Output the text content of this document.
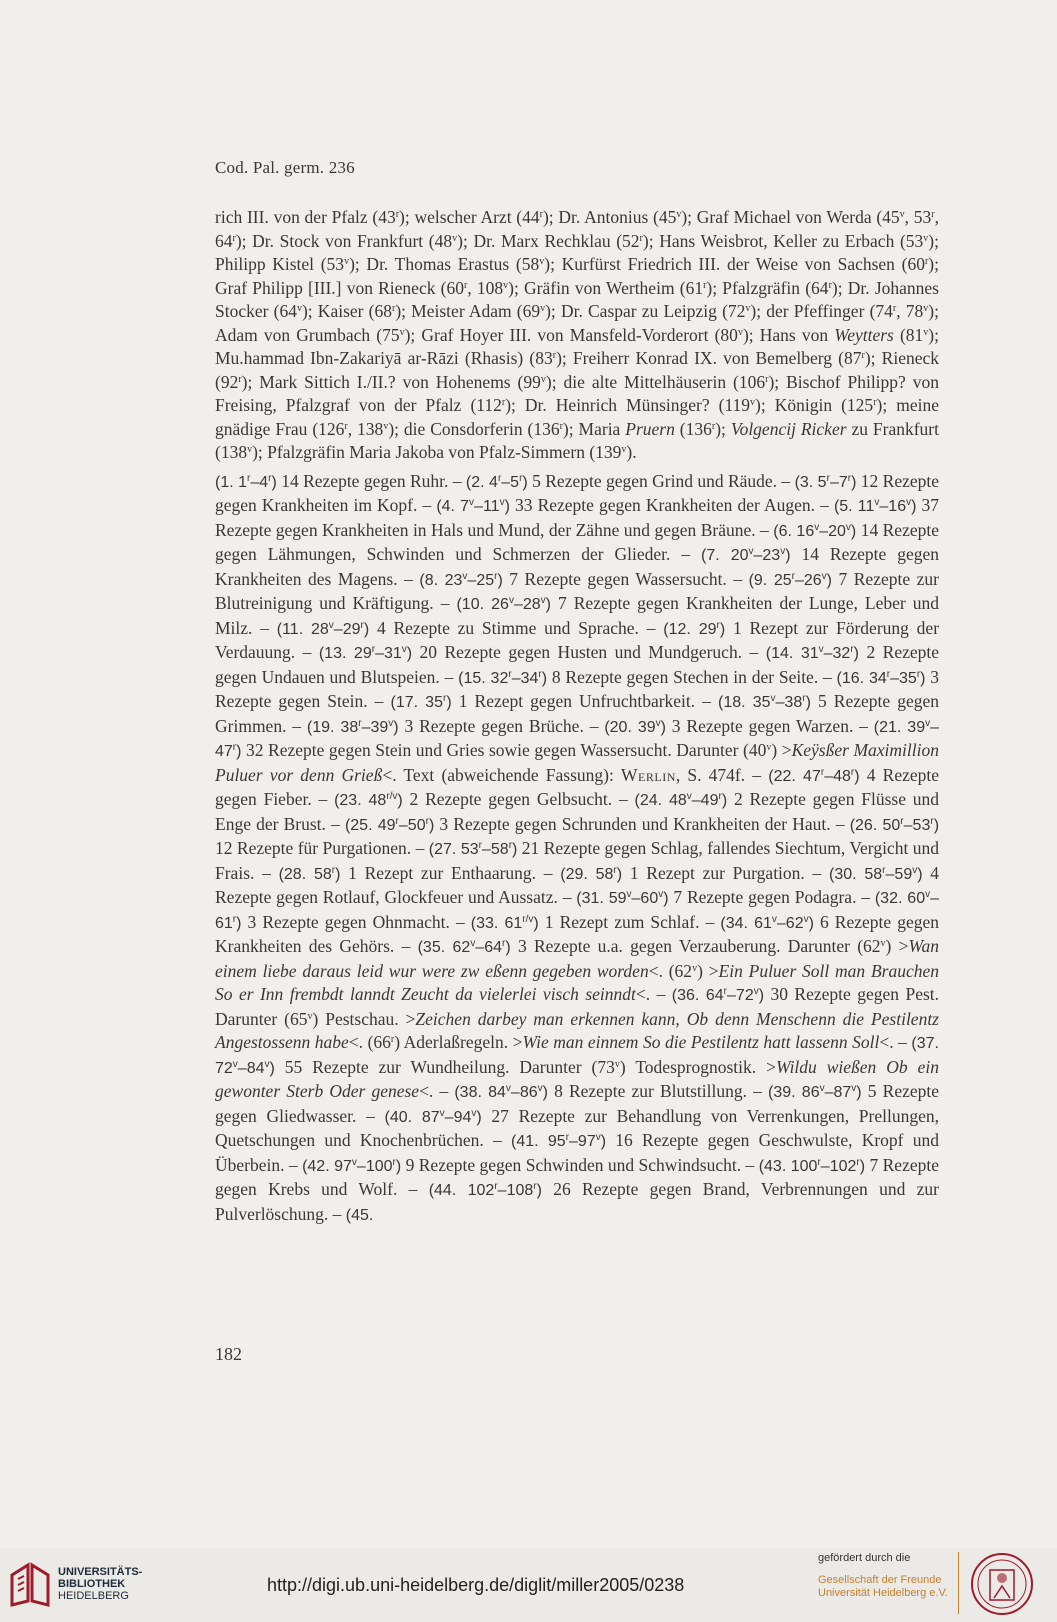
Cod. Pal. germ. 236

rich III. von der Pfalz (43$^r$); welscher Arzt (44$^r$); Dr. Antonius (45$^v$); Graf Michael von Werda (45$^v$, 53$^r$, 64$^r$); Dr. Stock von Frankfurt (48$^v$); Dr. Marx Rechklau (52$^r$); Hans Weisbrot, Keller zu Erbach (53$^v$); Philipp Kistel (53$^v$); Dr. Thomas Erastus (58$^v$); Kurfürst Friedrich III. der Weise von Sachsen (60$^r$); Graf Philipp [III.] von Rieneck (60$^r$, 108$^v$); Gräfin von Wertheim (61$^r$); Pfalzgräfin (64$^r$); Dr. Johannes Stocker (64$^v$); Kaiser (68$^r$); Meister Adam (69$^v$); Dr. Caspar zu Leipzig (72$^v$); der Pfeffinger (74$^r$, 78$^v$); Adam von Grumbach (75$^v$); Graf Hoyer III. von Mansfeld-Vorderort (80$^v$); Hans von Weytters (81$^v$); Mu.hammad Ibn-Zakariyā ar-Rāzi (Rhasis) (83$^r$); Freiherr Konrad IX. von Bemelberg (87$^r$); Rieneck (92$^r$); Mark Sittich I./II.? von Hohenems (99$^v$); die alte Mittelhäuserin (106$^r$); Bischof Philipp? von Freising, Pfalzgraf von der Pfalz (112$^r$); Dr. Heinrich Münsinger? (119$^v$); Königin (125$^r$); meine gnädige Frau (126$^r$, 138$^v$); die Consdorferin (136$^r$); Maria Pruern (136$^r$); Volgencij Ricker zu Frankfurt (138$^v$); Pfalzgräfin Maria Jakoba von Pfalz-Simmern (139$^v$).

(1. 1$^r$–4$^r$) 14 Rezepte gegen Ruhr. – (2. 4$^r$–5$^r$) 5 Rezepte gegen Grind und Räude. – (3. 5$^r$–7$^r$) 12 Rezepte gegen Krankheiten im Kopf. – (4. 7$^v$–11$^v$) 33 Rezepte gegen Krankheiten der Augen. – (5. 11$^v$–16$^v$) 37 Rezepte gegen Krankheiten in Hals und Mund, der Zähne und gegen Bräune. – (6. 16$^v$–20$^v$) 14 Rezepte gegen Lähmungen, Schwinden und Schmerzen der Glieder. – (7. 20$^v$–23$^v$) 14 Rezepte gegen Krankheiten des Magens. – (8. 23$^v$–25$^r$) 7 Rezepte gegen Wassersucht. – (9. 25$^r$–26$^v$) 7 Rezepte zur Blutreinigung und Kräftigung. – (10. 26$^v$–28$^v$) 7 Rezepte gegen Krankheiten der Lunge, Leber und Milz. – (11. 28$^v$–29$^r$) 4 Rezepte zu Stimme und Sprache. – (12. 29$^r$) 1 Rezept zur Förderung der Verdauung. – (13. 29$^r$–31$^v$) 20 Rezepte gegen Husten und Mundgeruch. – (14. 31$^v$–32$^r$) 2 Rezepte gegen Undauen und Blutspeien. – (15. 32$^r$–34$^r$) 8 Rezepte gegen Stechen in der Seite. – (16. 34$^r$–35$^r$) 3 Rezepte gegen Stein. – (17. 35$^r$) 1 Rezept gegen Unfruchtbarkeit. – (18. 35$^v$–38$^r$) 5 Rezepte gegen Grimmen. – (19. 38$^r$–39$^v$) 3 Rezepte gegen Brüche. – (20. 39$^v$) 3 Rezepte gegen Warzen. – (21. 39$^v$–47$^r$) 32 Rezepte gegen Stein und Gries sowie gegen Wassersucht. Darunter $(40^v)$ >Keÿsßer Maximillion Puluer vor denn Grieß<. Text (abweichende Fassung): Werlin, S. 474f. – (22. 47$^r$–48$^r$) 4 Rezepte gegen Fieber. – (23. $48^{r/v}$) 2 Rezepte gegen Gelbsucht. – (24. 48$^v$–49$^r$) 2 Rezepte gegen Flüsse und Enge der Brust. – (25. 49$^r$–50$^r$) 3 Rezepte gegen Schrunden und Krankheiten der Haut. – (26. 50$^r$–53$^r$) 12 Rezepte für Purgationen. – (27. 53$^r$–58$^r$) 21 Rezepte gegen Schlag, fallendes Siechtum, Vergicht und Frais. – (28. 58$^r$) 1 Rezept zur Enthaarung. – (29. 58$^r$) 1 Rezept zur Purgation. – (30. 58$^r$–59$^v$) 4 Rezepte gegen Rotlauf, Glockfeuer und Aussatz. – (31. 59$^v$–60$^v$) 7 Rezepte gegen Podagra. – (32. 60$^v$–61$^r$) 3 Rezepte gegen Ohnmacht. – (33. $61^{r/v}$) 1 Rezept zum Schlaf. – (34. 61$^v$–62$^v$) 6 Rezepte gegen Krankheiten des Gehörs. – (35. 62$^v$–64$^r$) 3 Rezepte u.a. gegen Verzauberung. Darunter $(62^v) >Wan$ einem liebe daraus leid wur were zw eßenn gegeben worden<. $(62^v) >Ein$ Puluer Soll man Brauchen So er Inn frembdt lanndt Zeucht da vielerlei visch seinndt<. – (36. 64$^r$–72$^v$) 30 Rezepte gegen Pest. Darunter (65$^v$) Pestschau. >Zeichen darbey man erkennen kann, Ob denn Menschenn die Pestilentz Angestossenn habe<. (66$^r$) Aderlaßregeln. >Wie man einnem So die Pestilentz hatt lassenn Soll<. – (37. 72$^v$–84$^v$) 55 Rezepte zur Wundheilung. Darunter (73$^v$) Todesprognostik. >Wildu wießen Ob ein gewonter Sterb Oder genese<. – (38. 84$^v$–86$^v$) 8 Rezepte zur Blutstillung. – (39. 86$^v$–87$^v$) 5 Rezepte gegen Gliedwasser. – (40. 87$^v$–94$^v$) 27 Rezepte zur Behandlung von Verrenkungen, Prellungen, Quetschungen und Knochenbrüchen. – (41. 95$^r$–97$^v$) 16 Rezepte gegen Geschwulste, Kropf und Überbein. – (42. 97$^v$–100$^r$) 9 Rezepte gegen Schwinden und Schwindsucht. – (43. 100$^r$–102$^r$) 7 Rezepte gegen Krebs und Wolf. – (44. 102$^r$–108$^r$) 26 Rezepte gegen Brand, Verbrennungen und zur Pulverlöschung. – (45.

182
UNIVERSITÄTS-
BIBLIOTHEK
HEIDELBERG
http://digi.ub.uni-heidelberg.de/diglit/miller2005/0238
gefördert durch die
Gesellschaft der Freunde
Universität Heidelberg e.V.
